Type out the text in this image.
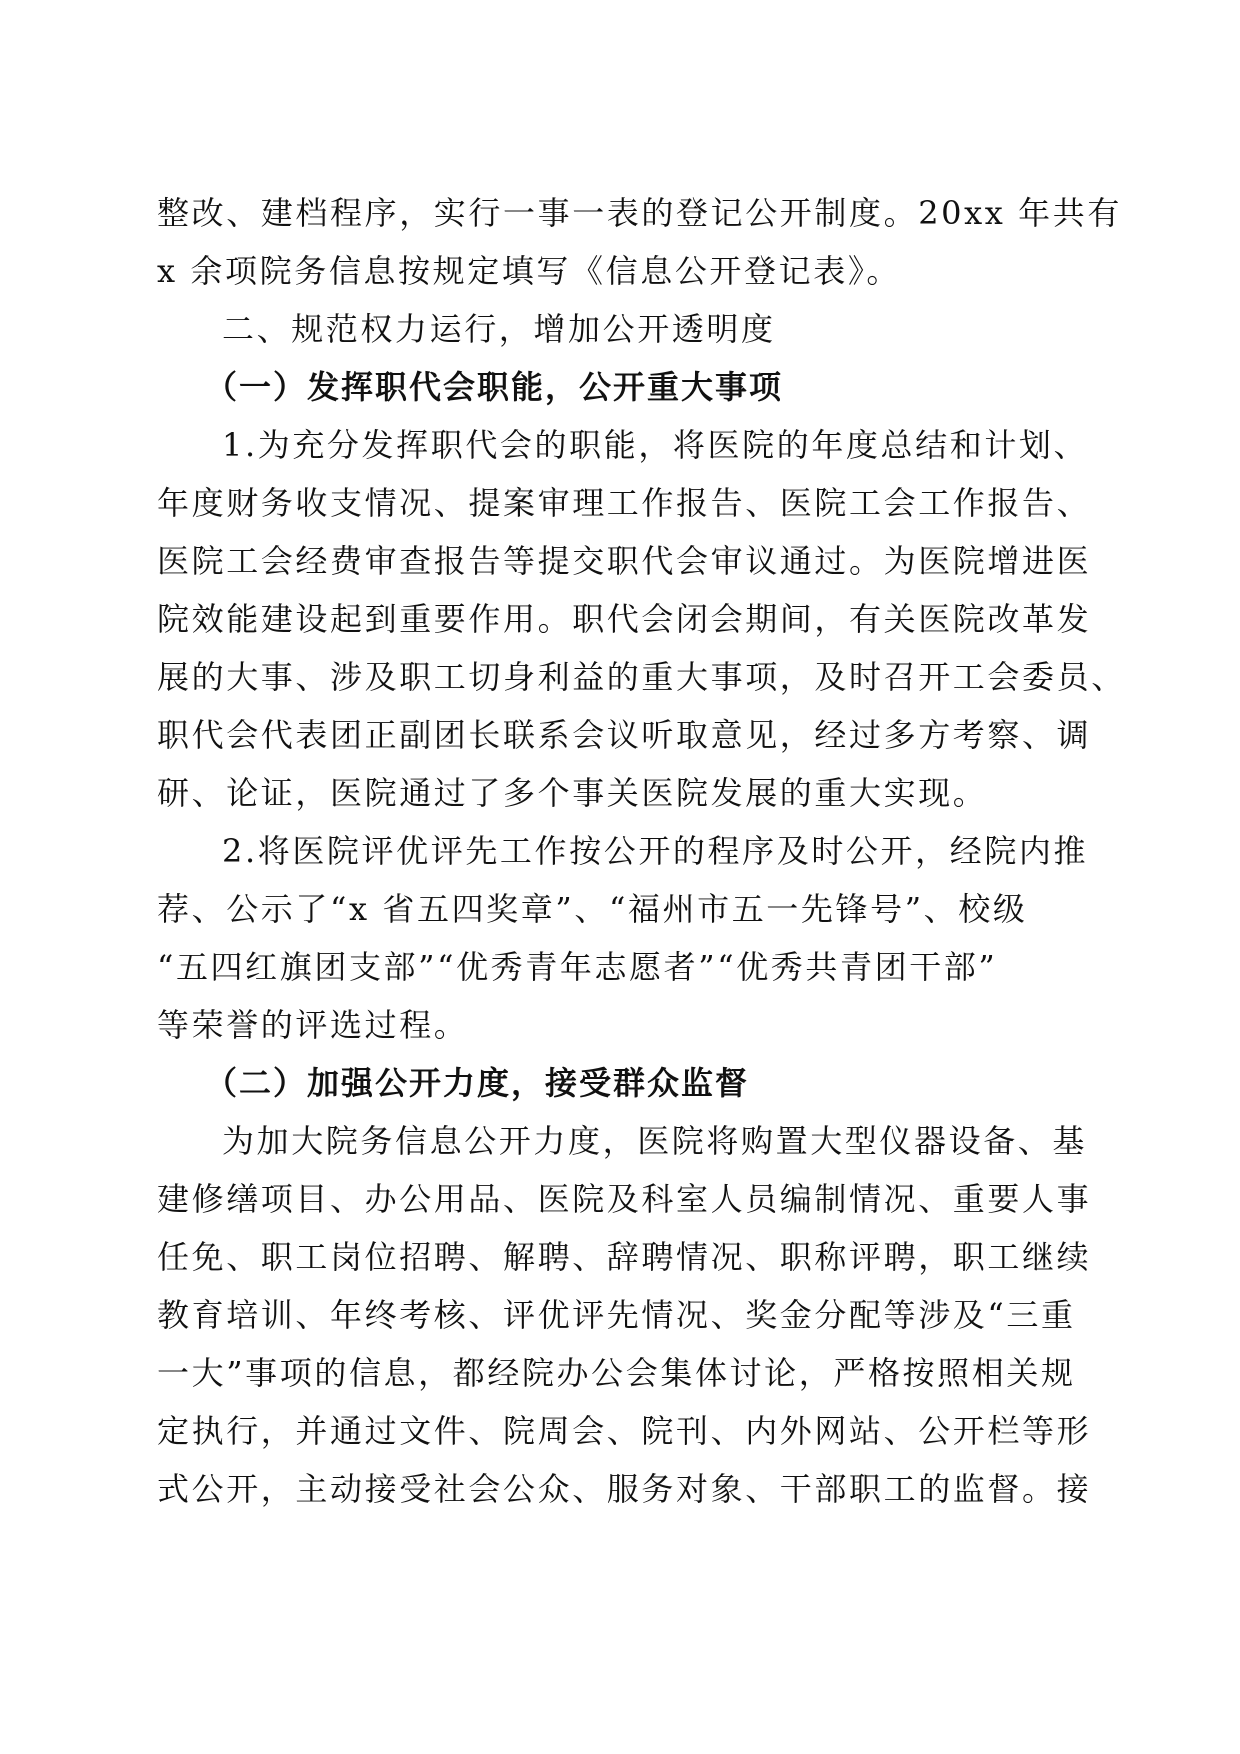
整改、建档程序，实行一事一表的登记公开制度。20xx 年共有
x 余项院务信息按规定填写《信息公开登记表》。
二、规范权力运行，增加公开透明度
（一）发挥职代会职能，公开重大事项
1.为充分发挥职代会的职能，将医院的年度总结和计划、
年度财务收支情况、提案审理工作报告、医院工会工作报告、
医院工会经费审查报告等提交职代会审议通过。为医院增进医
院效能建设起到重要作用。职代会闭会期间，有关医院改革发
展的大事、涉及职工切身利益的重大事项，及时召开工会委员、
职代会代表团正副团长联系会议听取意见，经过多方考察、调
研、论证，医院通过了多个事关医院发展的重大实现。
2.将医院评优评先工作按公开的程序及时公开，经院内推
荐、公示了“x 省五四奖章”、“福州市五一先锋号”、校级
“五四红旗团支部”“优秀青年志愿者”“优秀共青团干部”
等荣誉的评选过程。
（二）加强公开力度，接受群众监督
为加大院务信息公开力度，医院将购置大型仪器设备、基
建修缮项目、办公用品、医院及科室人员编制情况、重要人事
任免、职工岗位招聘、解聘、辞聘情况、职称评聘，职工继续
教育培训、年终考核、评优评先情况、奖金分配等涉及“三重
一大”事项的信息，都经院办公会集体讨论，严格按照相关规
定执行，并通过文件、院周会、院刊、内外网站、公开栏等形
式公开，主动接受社会公众、服务对象、干部职工的监督。接
